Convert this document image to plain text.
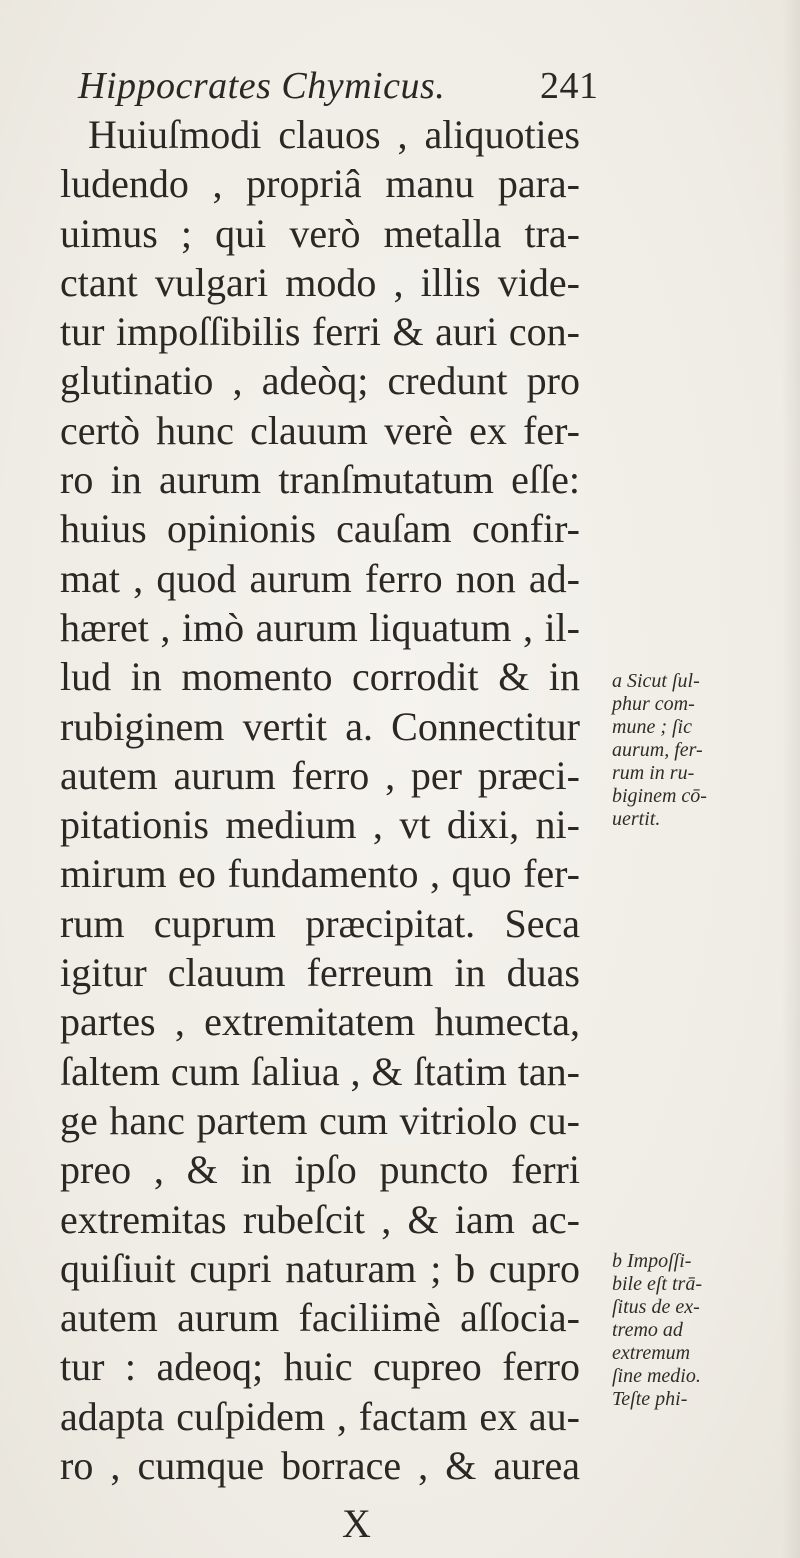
Hippocrates Chymicus. 241
Huiuſmodi clauos , aliquoties
ludendo , propriâ manu para-
uimus ; qui verò metalla tra-
ctant vulgari modo , illis vide-
tur impoſſibilis ferri & auri con-
glutinatio , adeòq; credunt pro
certò hunc clauum verè ex fer-
ro in aurum tranſmutatum eſſe:
huius opinionis cauſam confir-
mat , quod aurum ferro non ad-
hæret , imò aurum liquatum , il-
lud in momento corrodit & in
rubiginem vertit a. Connectitur
autem aurum ferro , per præci-
pitationis medium , vt dixi, ni-
mirum eo fundamento , quo fer-
rum cuprum præcipitat. Seca
igitur clauum ferreum in duas
partes , extremitatem humecta,
ſaltem cum ſaliua , & ſtatim tan-
ge hanc partem cum vitriolo cu-
preo , & in ipſo puncto ferri
extremitas rubeſcit , & iam ac-
quiſiuit cupri naturam ; b cupro
autem aurum faciliimè aſſocia-
tur : adeoq; huic cupreo ferro
adapta cuſpidem , factam ex au-
ro , cumque borrace , & aurea
a Sicut ſul-
phur com-
mune ; ſic
aurum, fer-
rum in ru-
biginem cō-
uertit.
b Impoſſi-
bile eſt trā-
ſitus de ex-
tremo ad
extremum
ſine medio.
Teſte phi-
X
